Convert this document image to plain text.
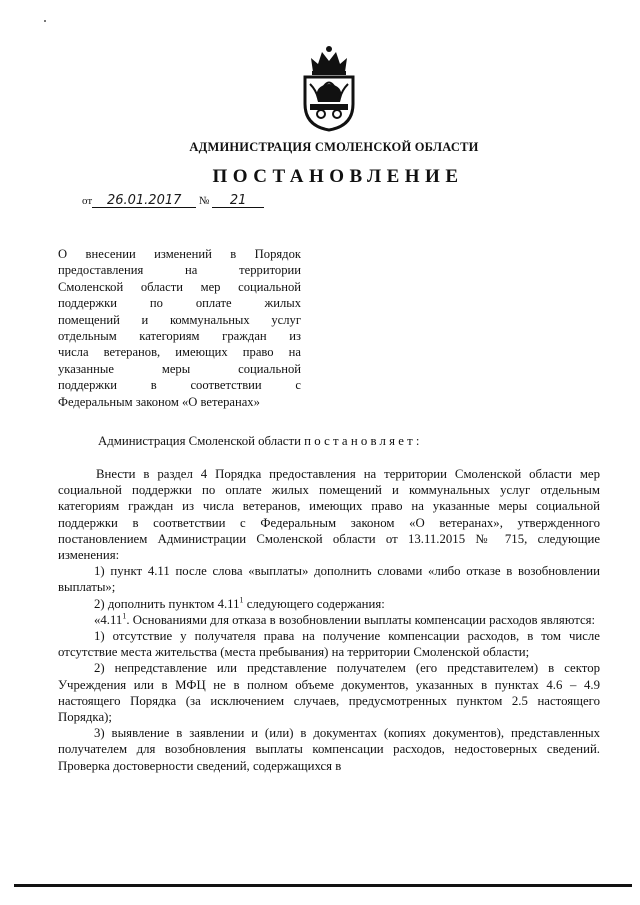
АДМИНИСТРАЦИЯ СМОЛЕНСКОЙ ОБЛАСТИ
ПОСТАНОВЛЕНИЕ
от 26.01.2017 № 21
О внесении изменений в Порядок
предоставления на территории
Смоленской области мер социальной
поддержки по оплате жилых
помещений и коммунальных услуг
отдельным категориям граждан из
числа ветеранов, имеющих право на
указанные меры социальной
поддержки в соответствии с
Федеральным законом «О ветеранах»
Администрация Смоленской области постановляет:

Внести в раздел 4 Порядка предоставления на территории Смоленской области мер социальной поддержки по оплате жилых помещений и коммунальных услуг отдельным категориям граждан из числа ветеранов, имеющих право на указанные меры социальной поддержки в соответствии с Федеральным законом «О ветеранах», утвержденного постановлением Администрации Смоленской области от 13.11.2015 № 715, следующие изменения:

1) пункт 4.11 после слова «выплаты» дополнить словами «либо отказе в возобновлении выплаты»;

2) дополнить пунктом 4.11$^1$ следующего содержания:

«4.11$^1$. Основаниями для отказа в возобновлении выплаты компенсации расходов являются:

1) отсутствие у получателя права на получение компенсации расходов, в том числе отсутствие места жительства (места пребывания) на территории Смоленской области;

2) непредставление или представление получателем (его представителем) в сектор Учреждения или в МФЦ не в полном объеме документов, указанных в пунктах 4.6 – 4.9 настоящего Порядка (за исключением случаев, предусмотренных пунктом 2.5 настоящего Порядка);

3) выявление в заявлении и (или) в документах (копиях документов), представленных получателем для возобновления выплаты компенсации расходов, недостоверных сведений. Проверка достоверности сведений, содержащихся в
